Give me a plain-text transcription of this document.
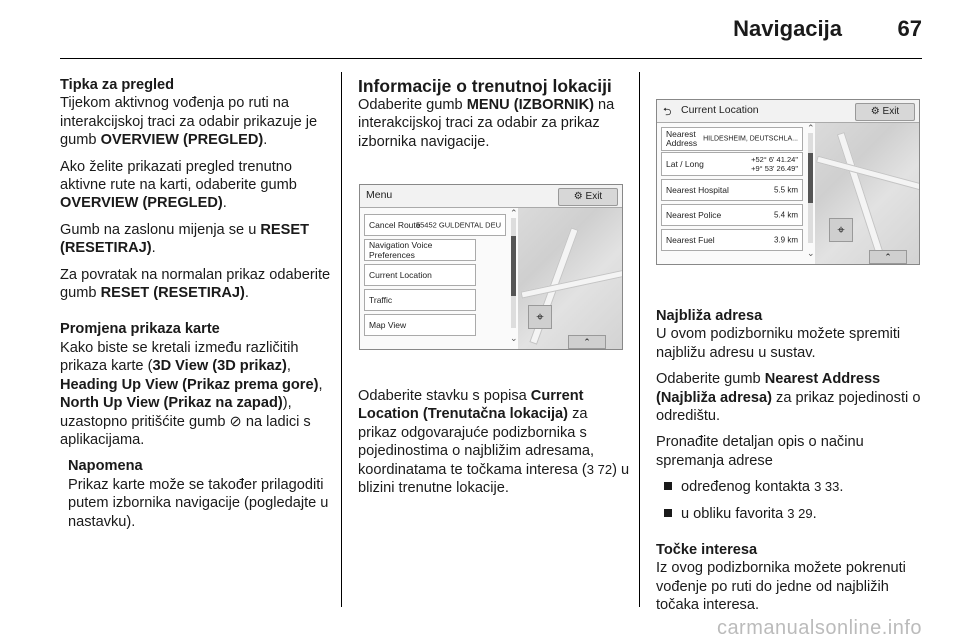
Navigacija	67
Tipka za pregled

Tijekom aktivnog vođenja po ruti na interakcijskoj traci za odabir prikazuje je gumb OVERVIEW (PREGLED).

Ako želite prikazati pregled trenutno aktivne rute na karti, odaberite gumb OVERVIEW (PREGLED).

Gumb na zaslonu mijenja se u RESET (RESETIRAJ).

Za povratak na normalan prikaz odaberite gumb RESET (RESETIRAJ).

Promjena prikaza karte

Kako biste se kretali između različitih prikaza karte (3D View (3D prikaz), Heading Up View (Prikaz prema gore), North Up View (Prikaz na zapad)), uzastopno pritišćite gumb ⊘ na ladici s aplikacijama.

Napomena
Prikaz karte može se također prilagoditi putem izbornika navigacije (pogledajte u nastavku).
Informacije o trenutnoj lokaciji

Odaberite gumb MENU (IZBORNIK) na interakcijskoj traci za odabir za prikaz izbornika navigacije.

Menu	⚙ Exit
Cancel Route
55452 GULDENTAL DEU
Navigation Voice Preferences
Current Location
Traffic
Map View
⌃
⌄
⌖
⌃

Odaberite stavku s popisa Current Location (Trenutačna lokacija) za prikaz odgovarajuće podizbornika s pojedinostima o najbližim adresama, koordinatama te točkama interesa (3 72) u blizini trenutne lokacije.

⮌ Current Location	⚙ Exit
Nearest Address HILDESHEIM, DEUTSCHLA...
Lat / Long	+52° 6' 41.24"
+9° 53' 26.49"
Nearest Hospital	5.5 km
Nearest Police	5.4 km
Nearest Fuel	3.9 km
⌃
⌄
⌖
⌃
Najbliža adresa

U ovom podizborniku možete spremiti najbližu adresu u sustav.

Odaberite gumb Nearest Address (Najbliža adresa) za prikaz pojedinosti o odredištu.

Pronađite detaljan opis o načinu spremanja adrese

određenog kontakta 3 33.

u obliku favorita 3 29.

Točke interesa

Iz ovog podizbornika možete pokrenuti vođenje po ruti do jedne od najbližih točaka interesa.

carmanualsonline.info
